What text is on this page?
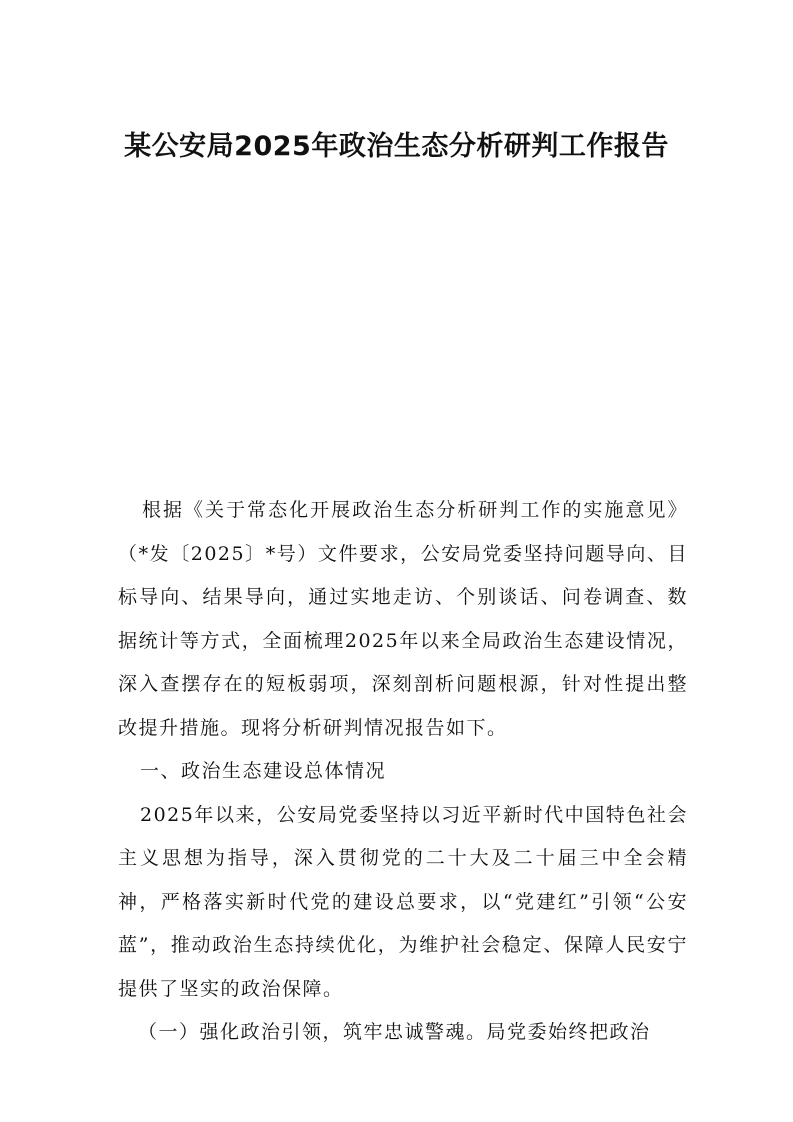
某公安局2025年政治生态分析研判工作报告

根据《关于常态化开展政治生态分析研判工作的实施意见》（*发〔2025〕*号）文件要求，公安局党委坚持问题导向、目标导向、结果导向，通过实地走访、个别谈话、问卷调查、数据统计等方式，全面梳理2025年以来全局政治生态建设情况，深入查摆存在的短板弱项，深刻剖析问题根源，针对性提出整改提升措施。现将分析研判情况报告如下。

一、政治生态建设总体情况

2025年以来，公安局党委坚持以习近平新时代中国特色社会主义思想为指导，深入贯彻党的二十大及二十届三中全会精神，严格落实新时代党的建设总要求，以“党建红”引领“公安蓝”，推动政治生态持续优化，为维护社会稳定、保障人民安宁提供了坚实的政治保障。

（一）强化政治引领，筑牢忠诚警魂。局党委始终把政治
